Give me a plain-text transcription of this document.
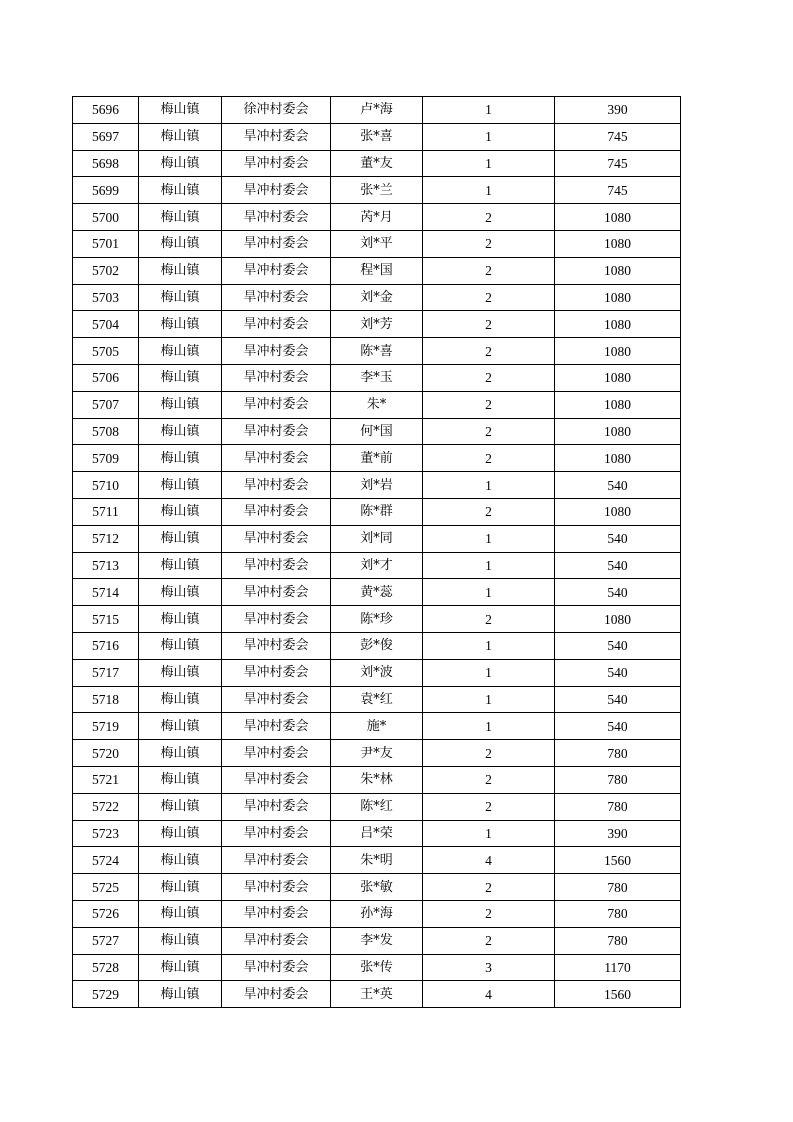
5696	梅山镇	徐冲村委会	卢*海	1	390
5697	梅山镇	旱冲村委会	张*喜	1	745
5698	梅山镇	旱冲村委会	董*友	1	745
5699	梅山镇	旱冲村委会	张*兰	1	745
5700	梅山镇	旱冲村委会	芮*月	2	1080
5701	梅山镇	旱冲村委会	刘*平	2	1080
5702	梅山镇	旱冲村委会	程*国	2	1080
5703	梅山镇	旱冲村委会	刘*金	2	1080
5704	梅山镇	旱冲村委会	刘*芳	2	1080
5705	梅山镇	旱冲村委会	陈*喜	2	1080
5706	梅山镇	旱冲村委会	李*玉	2	1080
5707	梅山镇	旱冲村委会	朱*	2	1080
5708	梅山镇	旱冲村委会	何*国	2	1080
5709	梅山镇	旱冲村委会	董*前	2	1080
5710	梅山镇	旱冲村委会	刘*岩	1	540
5711	梅山镇	旱冲村委会	陈*群	2	1080
5712	梅山镇	旱冲村委会	刘*同	1	540
5713	梅山镇	旱冲村委会	刘*才	1	540
5714	梅山镇	旱冲村委会	黄*蕊	1	540
5715	梅山镇	旱冲村委会	陈*珍	2	1080
5716	梅山镇	旱冲村委会	彭*俊	1	540
5717	梅山镇	旱冲村委会	刘*波	1	540
5718	梅山镇	旱冲村委会	袁*红	1	540
5719	梅山镇	旱冲村委会	施*	1	540
5720	梅山镇	旱冲村委会	尹*友	2	780
5721	梅山镇	旱冲村委会	朱*林	2	780
5722	梅山镇	旱冲村委会	陈*红	2	780
5723	梅山镇	旱冲村委会	吕*荣	1	390
5724	梅山镇	旱冲村委会	朱*明	4	1560
5725	梅山镇	旱冲村委会	张*敏	2	780
5726	梅山镇	旱冲村委会	孙*海	2	780
5727	梅山镇	旱冲村委会	李*发	2	780
5728	梅山镇	旱冲村委会	张*传	3	1170
5729	梅山镇	旱冲村委会	王*英	4	1560
